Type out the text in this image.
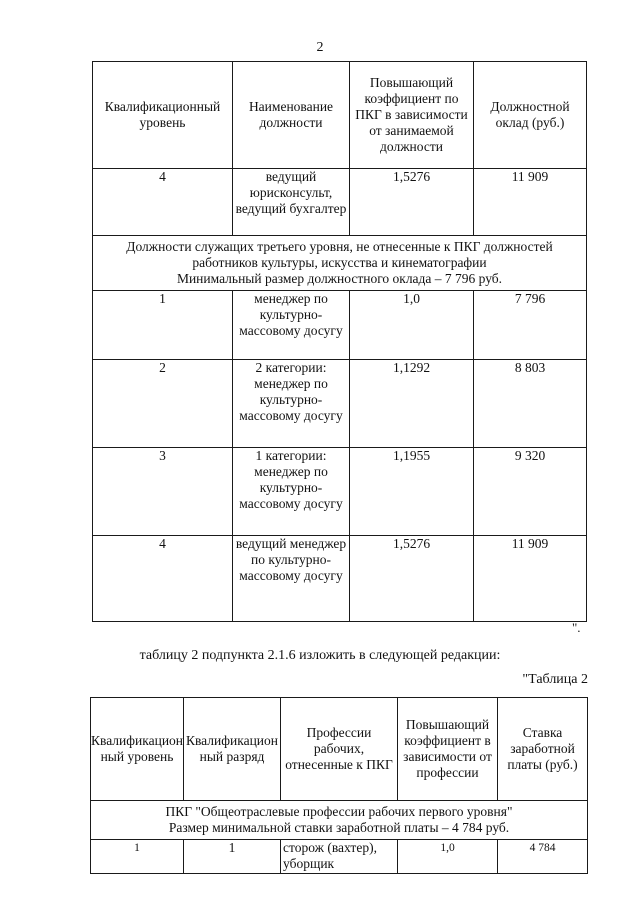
2
Квалификационный уровень	Наименование должности	Повышающий коэффициент по ПКГ в зависимости от занимаемой должности	Должностной оклад (руб.)
4	ведущий юрисконсульт, ведущий бухгалтер	1,5276	11 909

Должности служащих третьего уровня, не отнесенные к ПКГ должностей работников культуры, искусства и кинематографии
Минимальный размер должностного оклада – 7 796 руб.			

1	менеджер по культурно-массовому досугу	1,0	7 796
2	2 категории: менеджер по культурно-массовому досугу	1,1292	8 803
3	1 категории: менеджер по культурно-массовому досугу	1,1955	9 320
4	ведущий менеджер по культурно-массовому досугу	1,5276	11 909
".
таблицу 2 подпункта 2.1.6 изложить в следующей редакции:
"Таблица 2
Квалификационный уровень	Квалификационный разряд	Профессии рабочих, отнесенные к ПКГ	Повышающий коэффициент в зависимости от профессии	Ставка заработной платы (руб.)

ПКГ "Общеотраслевые профессии рабочих первого уровня"
Размер минимальной ставки заработной платы – 4 784 руб.				

1	1	сторож (вахтер), уборщик	1,0	4 784
